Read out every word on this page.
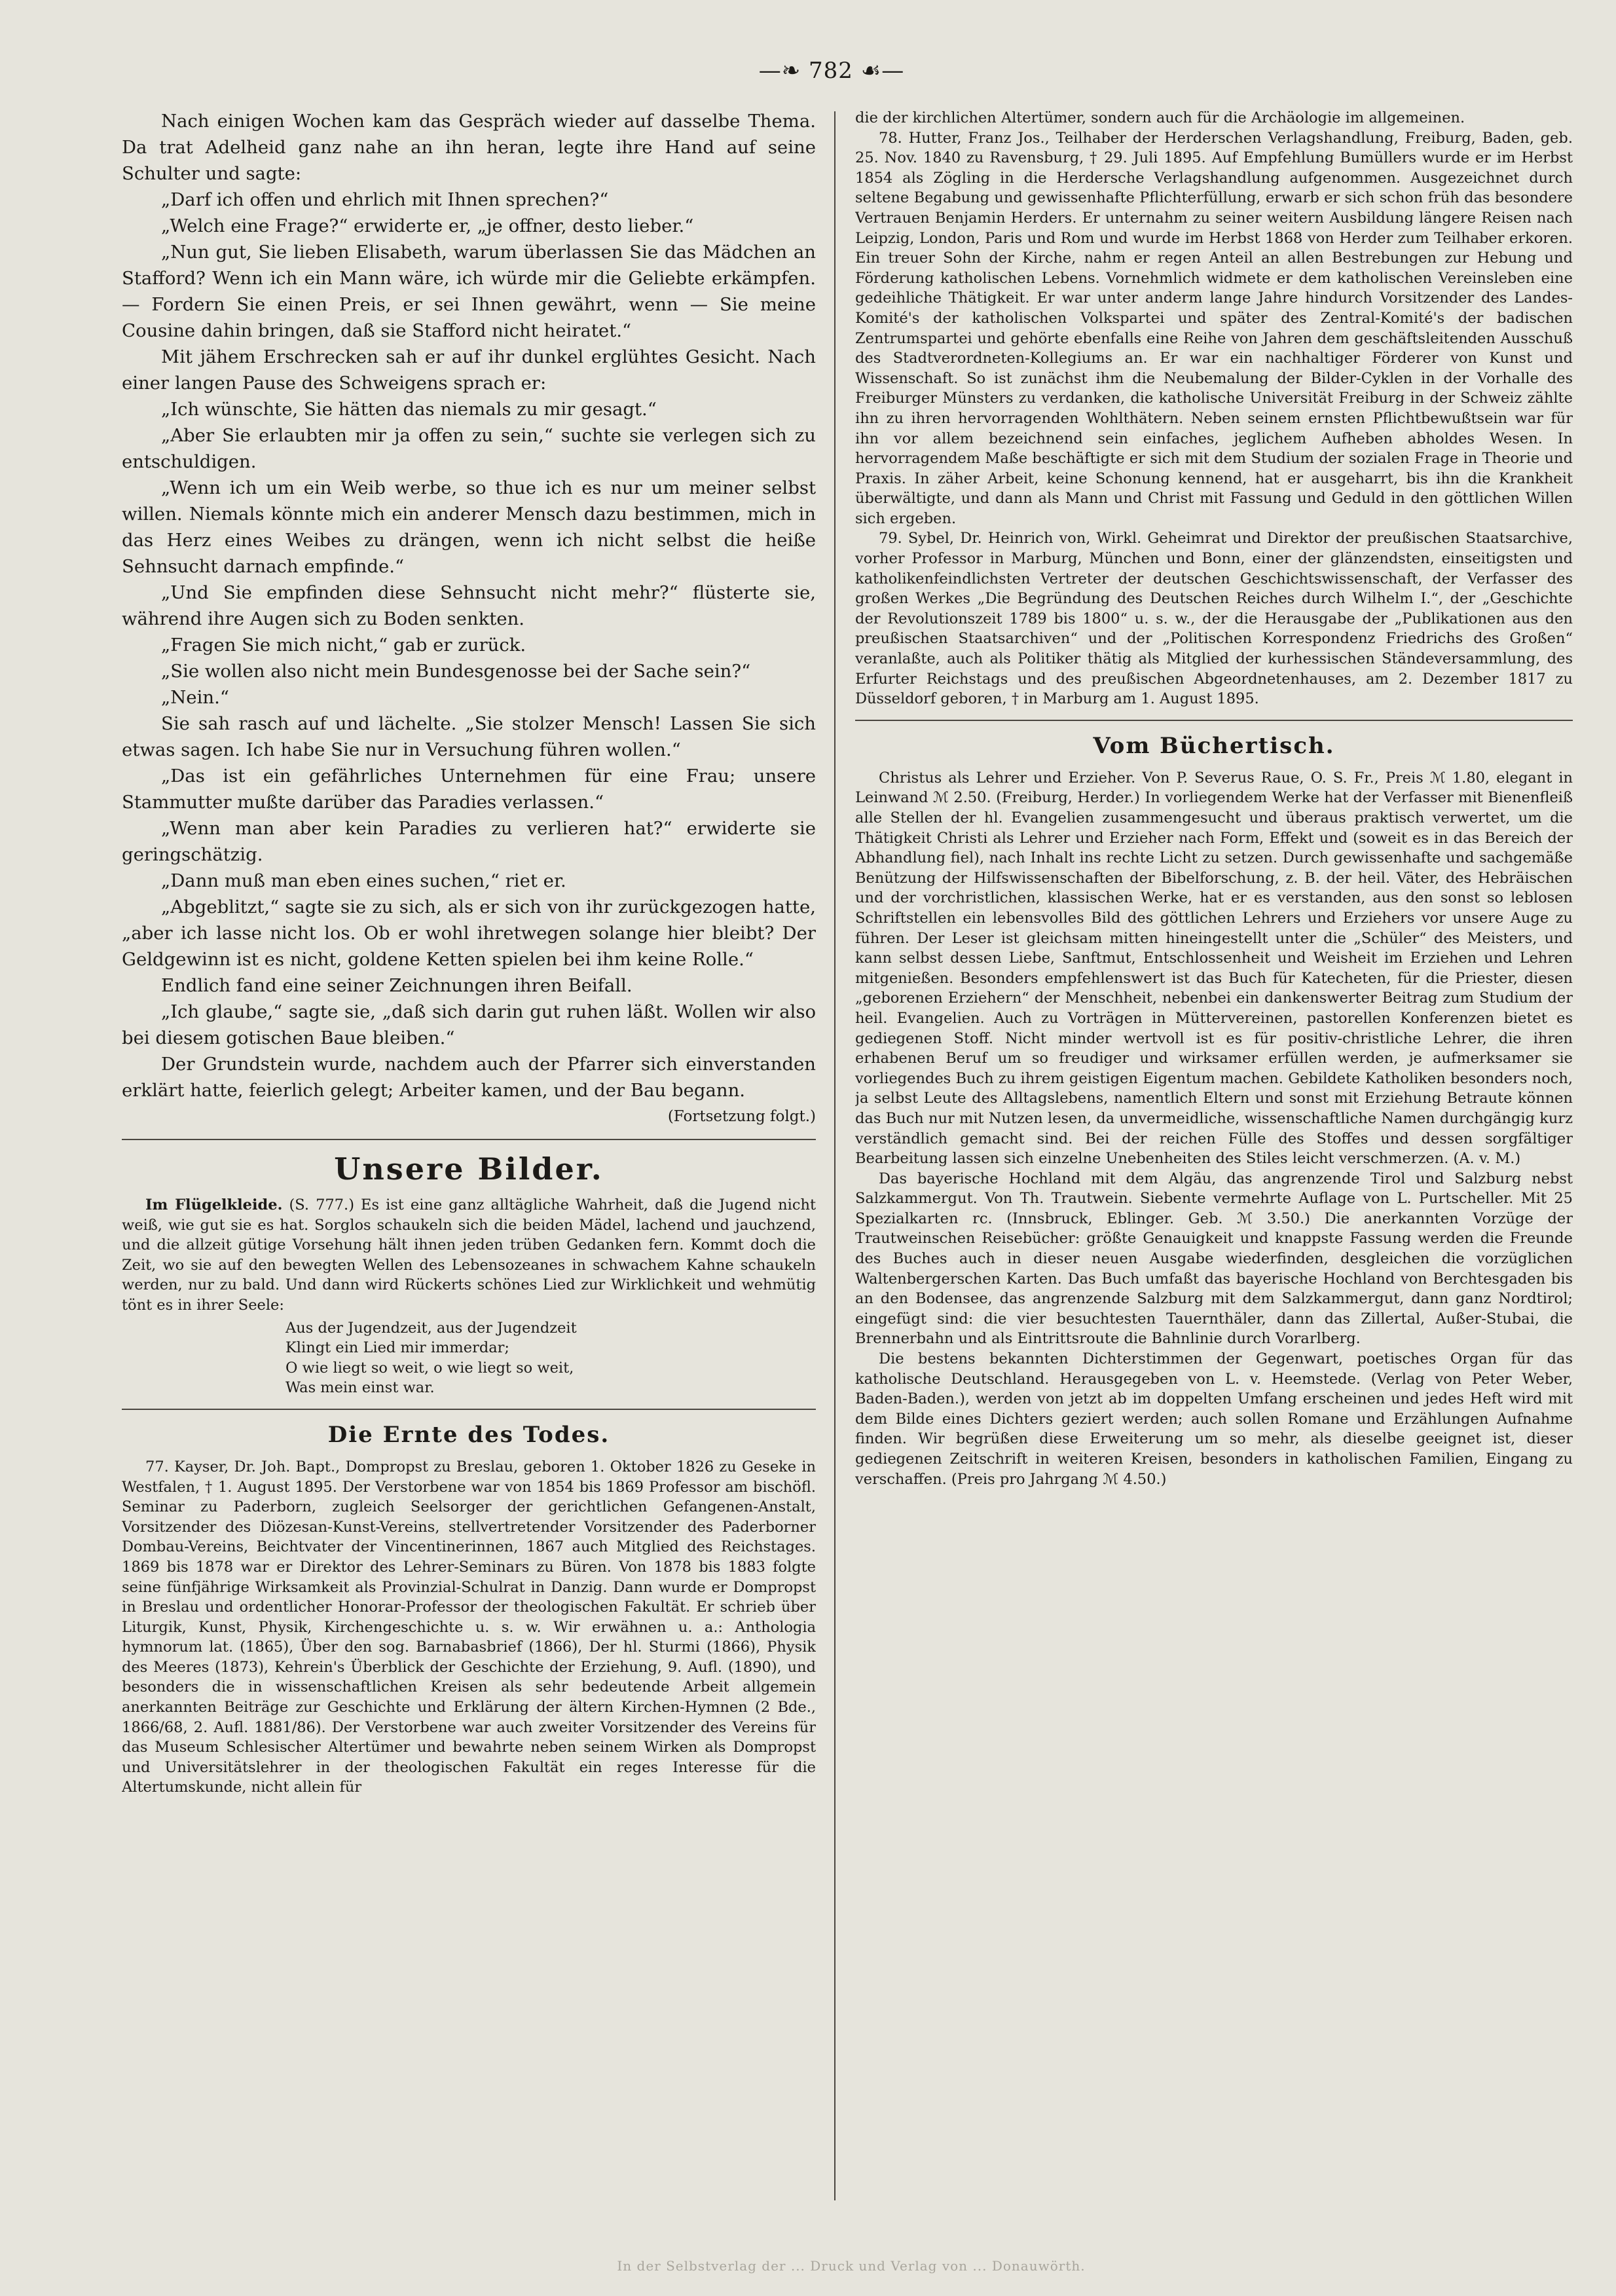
—❧ 782 ☙—

Nach einigen Wochen kam das Gespräch wieder auf dasselbe Thema. Da trat Adelheid ganz nahe an ihn heran, legte ihre Hand auf seine Schulter und sagte:

„Darf ich offen und ehrlich mit Ihnen sprechen?“

„Welch eine Frage?“ erwiderte er, „je offner, desto lieber.“

„Nun gut, Sie lieben Elisabeth, warum überlassen Sie das Mädchen an Stafford? Wenn ich ein Mann wäre, ich würde mir die Geliebte erkämpfen. — Fordern Sie einen Preis, er sei Ihnen gewährt, wenn — Sie meine Cousine dahin bringen, daß sie Stafford nicht heiratet.“

Mit jähem Erschrecken sah er auf ihr dunkel erglühtes Gesicht. Nach einer langen Pause des Schweigens sprach er:

„Ich wünschte, Sie hätten das niemals zu mir gesagt.“

„Aber Sie erlaubten mir ja offen zu sein,“ suchte sie verlegen sich zu entschuldigen.

„Wenn ich um ein Weib werbe, so thue ich es nur um meiner selbst willen. Niemals könnte mich ein anderer Mensch dazu bestimmen, mich in das Herz eines Weibes zu drängen, wenn ich nicht selbst die heiße Sehnsucht darnach empfinde.“

„Und Sie empfinden diese Sehnsucht nicht mehr?“ flüsterte sie, während ihre Augen sich zu Boden senkten.

„Fragen Sie mich nicht,“ gab er zurück.

„Sie wollen also nicht mein Bundesgenosse bei der Sache sein?“

„Nein.“

Sie sah rasch auf und lächelte. „Sie stolzer Mensch! Lassen Sie sich etwas sagen. Ich habe Sie nur in Versuchung führen wollen.“

„Das ist ein gefährliches Unternehmen für eine Frau; unsere Stammutter mußte darüber das Paradies verlassen.“

„Wenn man aber kein Paradies zu verlieren hat?“ erwiderte sie geringschätzig.

„Dann muß man eben eines suchen,“ riet er.

„Abgeblitzt,“ sagte sie zu sich, als er sich von ihr zurückgezogen hatte, „aber ich lasse nicht los. Ob er wohl ihretwegen solange hier bleibt? Der Geldgewinn ist es nicht, goldene Ketten spielen bei ihm keine Rolle.“

Endlich fand eine seiner Zeichnungen ihren Beifall.

„Ich glaube,“ sagte sie, „daß sich darin gut ruhen läßt. Wollen wir also bei diesem gotischen Baue bleiben.“

Der Grundstein wurde, nachdem auch der Pfarrer sich einverstanden erklärt hatte, feierlich gelegt; Arbeiter kamen, und der Bau begann.

(Fortsetzung folgt.)
Unsere Bilder.

Im Flügelkleide. (S. 777.) Es ist eine ganz alltägliche Wahrheit, daß die Jugend nicht weiß, wie gut sie es hat. Sorglos schaukeln sich die beiden Mädel, lachend und jauchzend, und die allzeit gütige Vorsehung hält ihnen jeden trüben Gedanken fern. Kommt doch die Zeit, wo sie auf den bewegten Wellen des Lebensozeanes in schwachem Kahne schaukeln werden, nur zu bald. Und dann wird Rückerts schönes Lied zur Wirklichkeit und wehmütig tönt es in ihrer Seele:

Aus der Jugendzeit, aus der Jugendzeit
Klingt ein Lied mir immerdar;
O wie liegt so weit, o wie liegt so weit,
Was mein einst war.
Die Ernte des Todes.

77. Kayser, Dr. Joh. Bapt., Dompropst zu Breslau, geboren 1. Oktober 1826 zu Geseke in Westfalen, † 1. August 1895. Der Verstorbene war von 1854 bis 1869 Professor am bischöfl. Seminar zu Paderborn, zugleich Seelsorger der gerichtlichen Gefangenen-Anstalt, Vorsitzender des Diözesan-Kunst-Vereins, stellvertretender Vorsitzender des Paderborner Dombau-Vereins, Beichtvater der Vincentinerinnen, 1867 auch Mitglied des Reichstages. 1869 bis 1878 war er Direktor des Lehrer-Seminars zu Büren. Von 1878 bis 1883 folgte seine fünfjährige Wirksamkeit als Provinzial-Schulrat in Danzig. Dann wurde er Dompropst in Breslau und ordentlicher Honorar-Professor der theologischen Fakultät. Er schrieb über Liturgik, Kunst, Physik, Kirchengeschichte u. s. w. Wir erwähnen u. a.: Anthologia hymnorum lat. (1865), Über den sog. Barnabasbrief (1866), Der hl. Sturmi (1866), Physik des Meeres (1873), Kehrein's Überblick der Geschichte der Erziehung, 9. Aufl. (1890), und besonders die in wissenschaftlichen Kreisen als sehr bedeutende Arbeit allgemein anerkannten Beiträge zur Geschichte und Erklärung der ältern Kirchen-Hymnen (2 Bde., 1866/68, 2. Aufl. 1881/86). Der Verstorbene war auch zweiter Vorsitzender des Vereins für das Museum Schlesischer Altertümer und bewahrte neben seinem Wirken als Dompropst und Universitätslehrer in der theologischen Fakultät ein reges Interesse für die Altertumskunde, nicht allein für

die der kirchlichen Altertümer, sondern auch für die Archäologie im allgemeinen.

78. Hutter, Franz Jos., Teilhaber der Herderschen Verlagshandlung, Freiburg, Baden, geb. 25. Nov. 1840 zu Ravensburg, † 29. Juli 1895. Auf Empfehlung Bumüllers wurde er im Herbst 1854 als Zögling in die Herdersche Verlagshandlung aufgenommen. Ausgezeichnet durch seltene Begabung und gewissenhafte Pflichterfüllung, erwarb er sich schon früh das besondere Vertrauen Benjamin Herders. Er unternahm zu seiner weitern Ausbildung längere Reisen nach Leipzig, London, Paris und Rom und wurde im Herbst 1868 von Herder zum Teilhaber erkoren. Ein treuer Sohn der Kirche, nahm er regen Anteil an allen Bestrebungen zur Hebung und Förderung katholischen Lebens. Vornehmlich widmete er dem katholischen Vereinsleben eine gedeihliche Thätigkeit. Er war unter anderm lange Jahre hindurch Vorsitzender des Landes-Komité's der katholischen Volkspartei und später des Zentral-Komité's der badischen Zentrumspartei und gehörte ebenfalls eine Reihe von Jahren dem geschäftsleitenden Ausschuß des Stadtverordneten-Kollegiums an. Er war ein nachhaltiger Förderer von Kunst und Wissenschaft. So ist zunächst ihm die Neubemalung der Bilder-Cyklen in der Vorhalle des Freiburger Münsters zu verdanken, die katholische Universität Freiburg in der Schweiz zählte ihn zu ihren hervorragenden Wohlthätern. Neben seinem ernsten Pflichtbewußtsein war für ihn vor allem bezeichnend sein einfaches, jeglichem Aufheben abholdes Wesen. In hervorragendem Maße beschäftigte er sich mit dem Studium der sozialen Frage in Theorie und Praxis. In zäher Arbeit, keine Schonung kennend, hat er ausgeharrt, bis ihn die Krankheit überwältigte, und dann als Mann und Christ mit Fassung und Geduld in den göttlichen Willen sich ergeben.

79. Sybel, Dr. Heinrich von, Wirkl. Geheimrat und Direktor der preußischen Staatsarchive, vorher Professor in Marburg, München und Bonn, einer der glänzendsten, einseitigsten und katholikenfeindlichsten Vertreter der deutschen Geschichtswissenschaft, der Verfasser des großen Werkes „Die Begründung des Deutschen Reiches durch Wilhelm I.“, der „Geschichte der Revolutionszeit 1789 bis 1800“ u. s. w., der die Herausgabe der „Publikationen aus den preußischen Staatsarchiven“ und der „Politischen Korrespondenz Friedrichs des Großen“ veranlaßte, auch als Politiker thätig als Mitglied der kurhessischen Ständeversammlung, des Erfurter Reichstags und des preußischen Abgeordnetenhauses, am 2. Dezember 1817 zu Düsseldorf geboren, † in Marburg am 1. August 1895.

Vom Büchertisch.

Christus als Lehrer und Erzieher. Von P. Severus Raue, O. S. Fr., Preis ℳ 1.80, elegant in Leinwand ℳ 2.50. (Freiburg, Herder.) In vorliegendem Werke hat der Verfasser mit Bienenfleiß alle Stellen der hl. Evangelien zusammengesucht und überaus praktisch verwertet, um die Thätigkeit Christi als Lehrer und Erzieher nach Form, Effekt und (soweit es in das Bereich der Abhandlung fiel), nach Inhalt ins rechte Licht zu setzen. Durch gewissenhafte und sachgemäße Benützung der Hilfswissenschaften der Bibelforschung, z. B. der heil. Väter, des Hebräischen und der vorchristlichen, klassischen Werke, hat er es verstanden, aus den sonst so leblosen Schriftstellen ein lebensvolles Bild des göttlichen Lehrers und Erziehers vor unsere Auge zu führen. Der Leser ist gleichsam mitten hineingestellt unter die „Schüler“ des Meisters, und kann selbst dessen Liebe, Sanftmut, Entschlossenheit und Weisheit im Erziehen und Lehren mitgenießen. Besonders empfehlenswert ist das Buch für Katecheten, für die Priester, diesen „geborenen Erziehern“ der Menschheit, nebenbei ein dankenswerter Beitrag zum Studium der heil. Evangelien. Auch zu Vorträgen in Müttervereinen, pastorellen Konferenzen bietet es gediegenen Stoff. Nicht minder wertvoll ist es für positiv-christliche Lehrer, die ihren erhabenen Beruf um so freudiger und wirksamer erfüllen werden, je aufmerksamer sie vorliegendes Buch zu ihrem geistigen Eigentum machen. Gebildete Katholiken besonders noch, ja selbst Leute des Alltagslebens, namentlich Eltern und sonst mit Erziehung Betraute können das Buch nur mit Nutzen lesen, da unvermeidliche, wissenschaftliche Namen durchgängig kurz verständlich gemacht sind. Bei der reichen Fülle des Stoffes und dessen sorgfältiger Bearbeitung lassen sich einzelne Unebenheiten des Stiles leicht verschmerzen. (A. v. M.)

Das bayerische Hochland mit dem Algäu, das angrenzende Tirol und Salzburg nebst Salzkammergut. Von Th. Trautwein. Siebente vermehrte Auflage von L. Purtscheller. Mit 25 Spezialkarten rc. (Innsbruck, Eblinger. Geb. ℳ 3.50.) Die anerkannten Vorzüge der Trautweinschen Reisebücher: größte Genauigkeit und knappste Fassung werden die Freunde des Buches auch in dieser neuen Ausgabe wiederfinden, desgleichen die vorzüglichen Waltenbergerschen Karten. Das Buch umfaßt das bayerische Hochland von Berchtesgaden bis an den Bodensee, das angrenzende Salzburg mit dem Salzkammergut, dann ganz Nordtirol; eingefügt sind: die vier besuchtesten Tauernthäler, dann das Zillertal, Außer-Stubai, die Brennerbahn und als Eintrittsroute die Bahnlinie durch Vorarlberg.

Die bestens bekannten Dichterstimmen der Gegenwart, poetisches Organ für das katholische Deutschland. Herausgegeben von L. v. Heemstede. (Verlag von Peter Weber, Baden-Baden.), werden von jetzt ab im doppelten Umfang erscheinen und jedes Heft wird mit dem Bilde eines Dichters geziert werden; auch sollen Romane und Erzählungen Aufnahme finden. Wir begrüßen diese Erweiterung um so mehr, als dieselbe geeignet ist, dieser gediegenen Zeitschrift in weiteren Kreisen, besonders in katholischen Familien, Eingang zu verschaffen. (Preis pro Jahrgang ℳ 4.50.)

In der Selbstverlag der ... Druck und Verlag von ... Donauwörth.
